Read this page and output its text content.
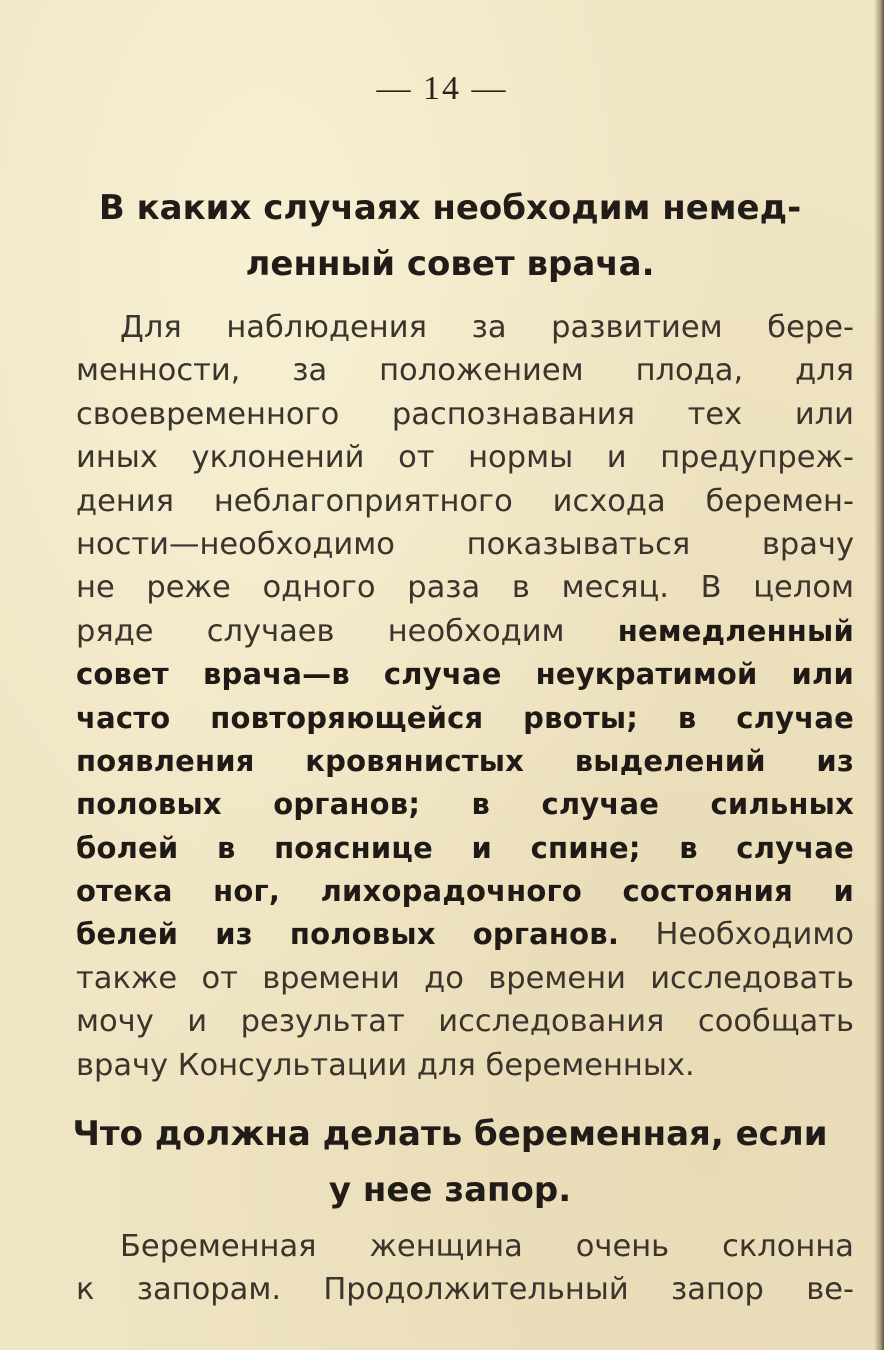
— 14 —
В каких случаях необходим немед-
ленный совет врача.
Для наблюдения за развитием бере-
менности, за положением плода, для
своевременного распознавания тех или
иных уклонений от нормы и предупреж-
дения неблагоприятного исхода беремен-
ности—необходимо показываться врачу
не реже одного раза в месяц. В целом
ряде случаев необходим немедленный
совет врача—в случае неукратимой или
часто повторяющейся рвоты; в случае
появления кровянистых выделений из
половых органов; в случае сильных
болей в пояснице и спине; в случае
отека ног, лихорадочного состояния и
белей из половых органов. Необходимо
также от времени до времени исследовать
мочу и результат исследования сообщать
врачу Консультации для беременных.
Что должна делать беременная, если
у нее запор.
Беременная женщина очень склонна
к запорам. Продолжительный запор ве-
